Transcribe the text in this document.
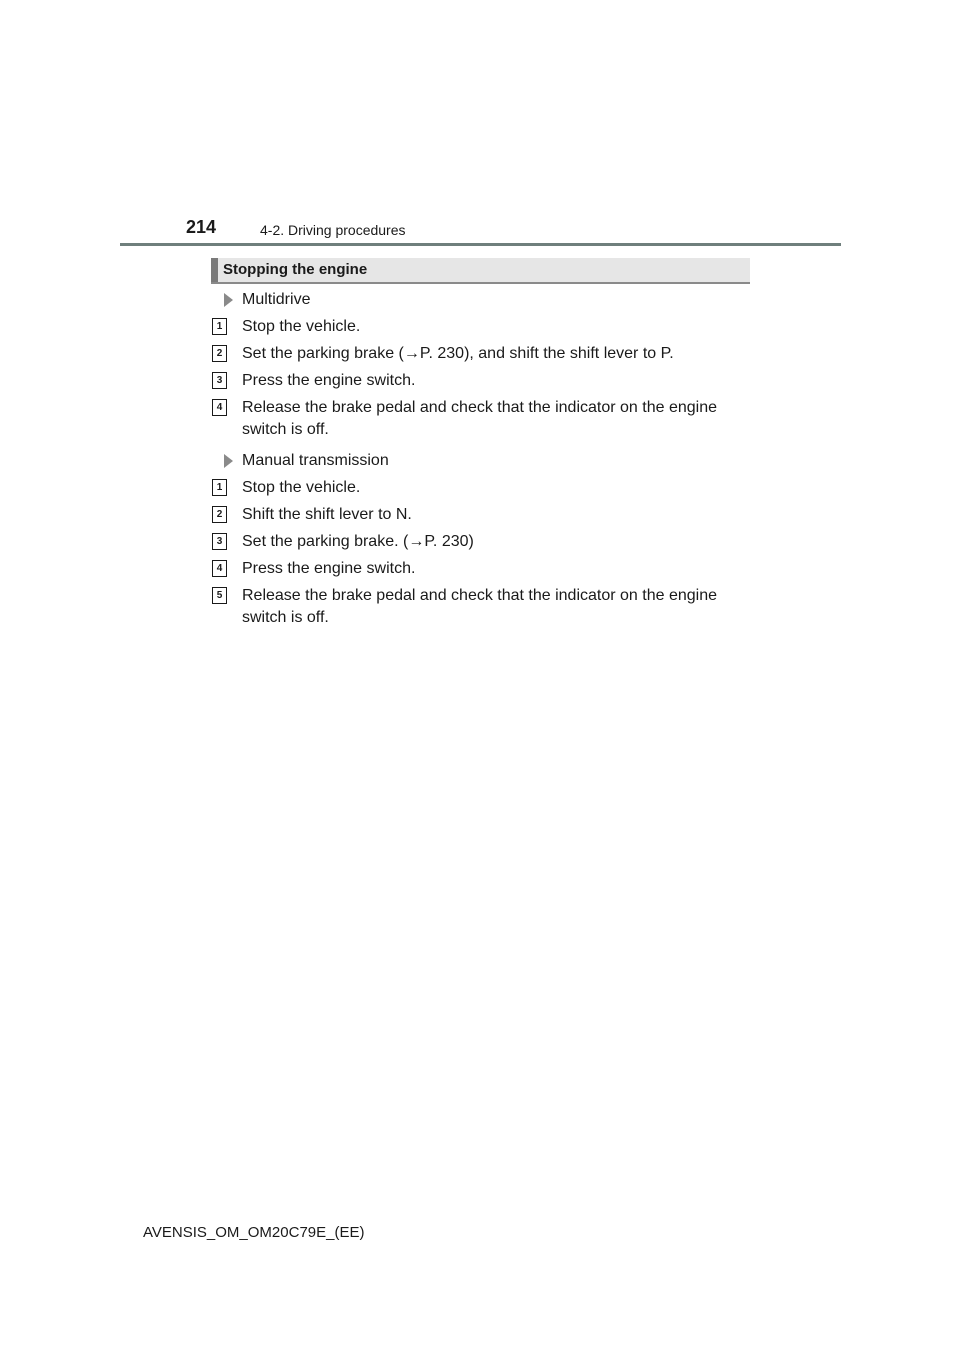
214	4-2. Driving procedures
Stopping the engine
Multidrive
1 Stop the vehicle.
2 Set the parking brake (→P. 230), and shift the shift lever to P.
3 Press the engine switch.
4 Release the brake pedal and check that the indicator on the engine switch is off.
Manual transmission
1 Stop the vehicle.
2 Shift the shift lever to N.
3 Set the parking brake. (→P. 230)
4 Press the engine switch.
5 Release the brake pedal and check that the indicator on the engine switch is off.
AVENSIS_OM_OM20C79E_(EE)
